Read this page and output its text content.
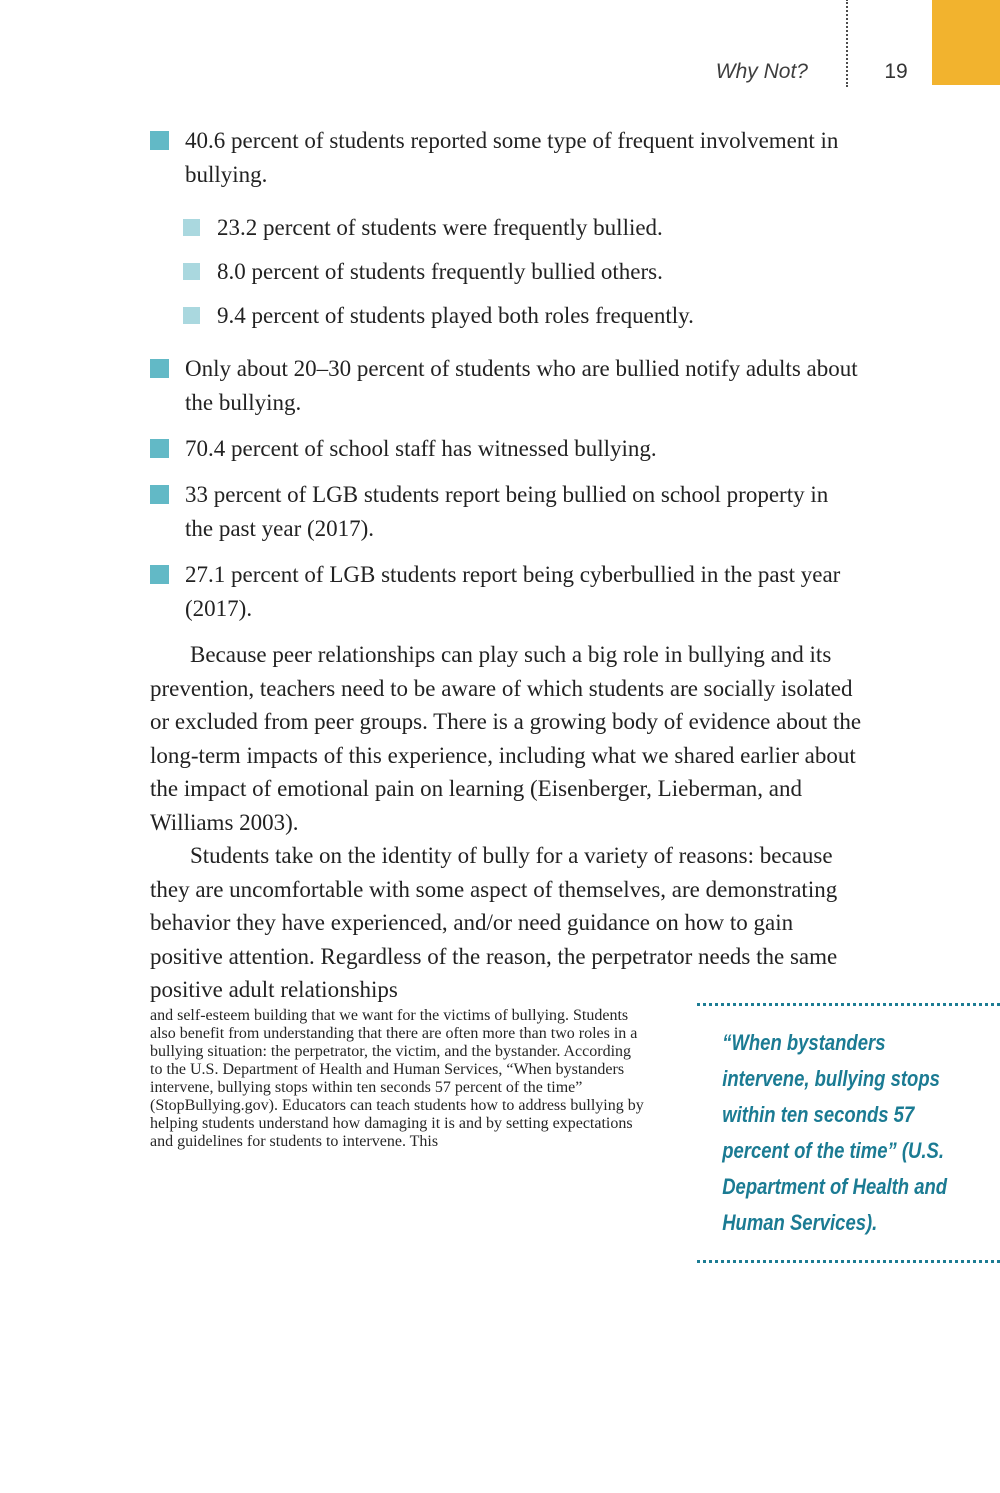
Why Not?	19
40.6 percent of students reported some type of frequent involvement in bullying.
23.2 percent of students were frequently bullied.
8.0 percent of students frequently bullied others.
9.4 percent of students played both roles frequently.
Only about 20–30 percent of students who are bullied notify adults about the bullying.
70.4 percent of school staff has witnessed bullying.
33 percent of LGB students report being bullied on school property in the past year (2017).
27.1 percent of LGB students report being cyberbullied in the past year (2017).

Because peer relationships can play such a big role in bullying and its prevention, teachers need to be aware of which students are socially isolated or excluded from peer groups. There is a growing body of evidence about the long-term impacts of this experience, including what we shared earlier about the impact of emotional pain on learning (Eisenberger, Lieberman, and Williams 2003).

Students take on the identity of bully for a variety of reasons: because they are uncomfortable with some aspect of themselves, are demonstrating behavior they have experienced, and/or need guidance on how to gain positive attention. Regardless of the reason, the perpetrator needs the same positive adult relationships

“When bystanders intervene, bullying stops within ten seconds 57 percent of the time” (U.S. Department of Health and Human Services).
and self-esteem building that we want for the victims of bullying. Students also benefit from understanding that there are often more than two roles in a bullying situation: the perpetrator, the victim, and the bystander. According to the U.S. Department of Health and Human Services, “When bystanders intervene, bullying stops within ten seconds 57 percent of the time” (StopBullying.gov). Educators can teach students how to address bullying by helping students understand how damaging it is and by setting expectations and guidelines for students to intervene. This
